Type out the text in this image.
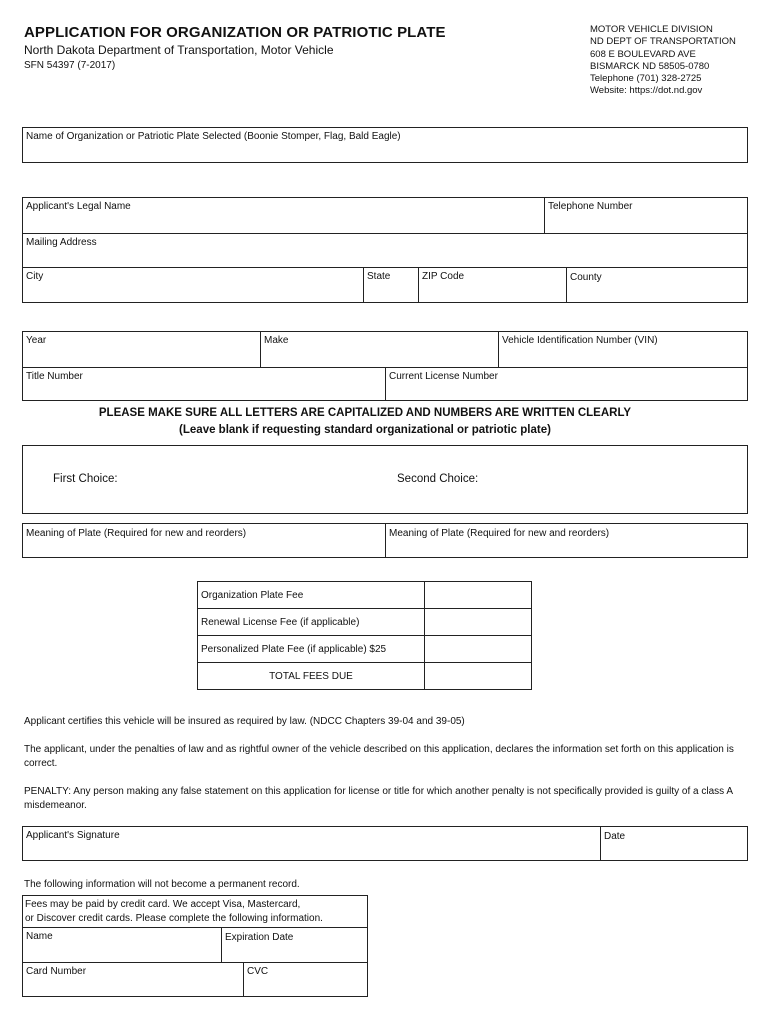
APPLICATION FOR ORGANIZATION OR PATRIOTIC PLATE
North Dakota Department of Transportation, Motor Vehicle
SFN 54397 (7-2017)
MOTOR VEHICLE DIVISION
ND DEPT OF TRANSPORTATION
608 E BOULEVARD AVE
BISMARCK ND 58505-0780
Telephone (701) 328-2725
Website: https://dot.nd.gov
Name of Organization or Patriotic Plate Selected (Boonie Stomper, Flag, Bald Eagle)
Applicant's Legal Name	Telephone Number
Mailing Address
City	State	ZIP Code	County
Year	Make	Vehicle Identification Number (VIN)
Title Number	Current License Number
PLEASE MAKE SURE ALL LETTERS ARE CAPITALIZED AND NUMBERS ARE WRITTEN CLEARLY
(Leave blank if requesting standard organizational or patriotic plate)
First Choice:	Second Choice:
Meaning of Plate (Required for new and reorders)	Meaning of Plate (Required for new and reorders)
Organization Plate Fee	
Renewal License Fee (if applicable)	
Personalized Plate Fee (if applicable) $25	
TOTAL FEES DUE	
Applicant certifies this vehicle will be insured as required by law. (NDCC Chapters 39-04 and 39-05)
The applicant, under the penalties of law and as rightful owner of the vehicle described on this application, declares the information set forth on this application is correct.
PENALTY: Any person making any false statement on this application for license or title for which another penalty is not specifically provided is guilty of a class A misdemeanor.
Applicant's Signature	Date
The following information will not become a permanent record.
Fees may be paid by credit card. We accept Visa, Mastercard,
or Discover credit cards. Please complete the following information.
Name	Expiration Date
Card Number	CVC
